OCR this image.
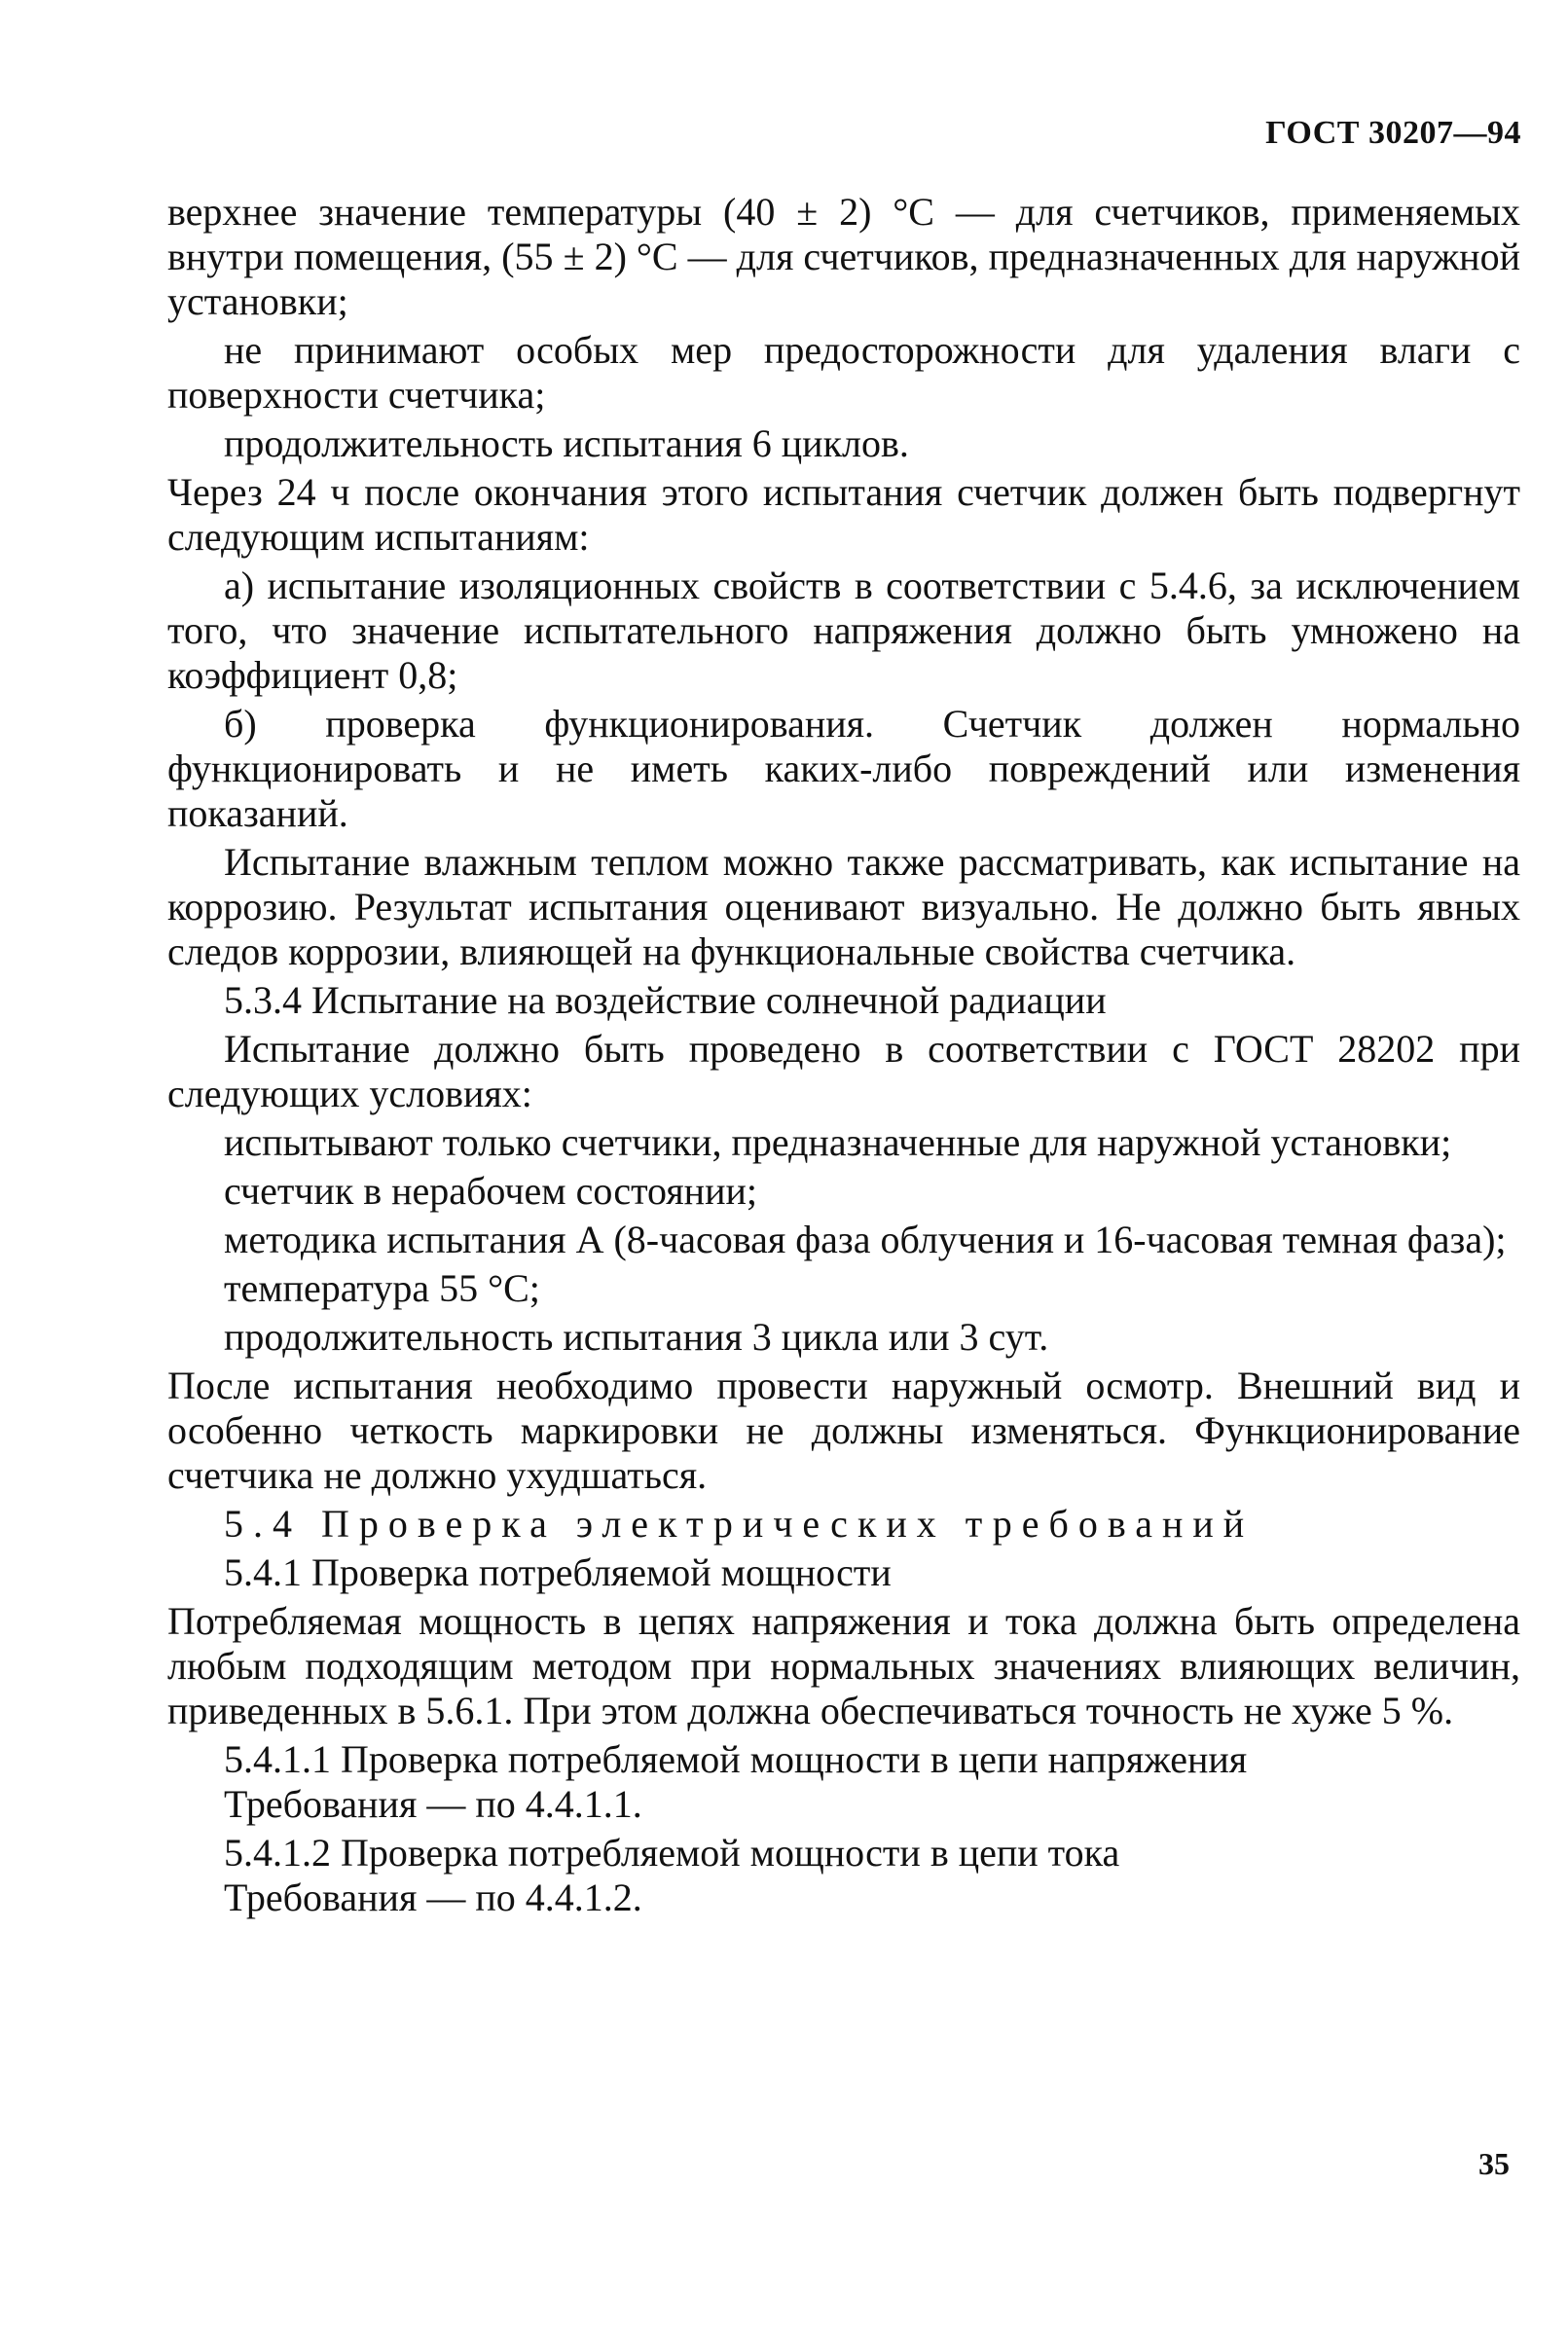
ГОСТ 30207—94

верхнее значение температуры (40 ± 2) °С — для счетчиков, применяемых внутри помещения, (55 ± 2) °С — для счетчиков, предназначенных для наружной установки;

не принимают особых мер предосторожности для удаления влаги с поверхности счетчика;

продолжительность испытания 6 циклов.

Через 24 ч после окончания этого испытания счетчик должен быть подвергнут следующим испытаниям:

а) испытание изоляционных свойств в соответствии с 5.4.6, за исключением того, что значение испытательного напряжения должно быть умножено на коэффициент 0,8;

б) проверка функционирования. Счетчик должен нормально функционировать и не иметь каких-либо повреждений или изменения показаний.

Испытание влажным теплом можно также рассматривать, как испытание на коррозию. Результат испытания оценивают визуально. Не должно быть явных следов коррозии, влияющей на функциональные свойства счетчика.

5.3.4 Испытание на воздействие солнечной радиации

Испытание должно быть проведено в соответствии с ГОСТ 28202 при следующих условиях:

испытывают только счетчики, предназначенные для наружной установки;

счетчик в нерабочем состоянии;

методика испытания А (8-часовая фаза облучения и 16-часовая темная фаза);

температура 55 °С;

продолжительность испытания 3 цикла или 3 сут.

После испытания необходимо провести наружный осмотр. Внешний вид и особенно четкость маркировки не должны изменяться. Функционирование счетчика не должно ухудшаться.

5.4 Проверка электрических требований

5.4.1 Проверка потребляемой мощности

Потребляемая мощность в цепях напряжения и тока должна быть определена любым подходящим методом при нормальных значениях влияющих величин, приведенных в 5.6.1. При этом должна обеспечиваться точность не хуже 5 %.

5.4.1.1 Проверка потребляемой мощности в цепи напряжения

Требования — по 4.4.1.1.

5.4.1.2 Проверка потребляемой мощности в цепи тока

Требования — по 4.4.1.2.

35
